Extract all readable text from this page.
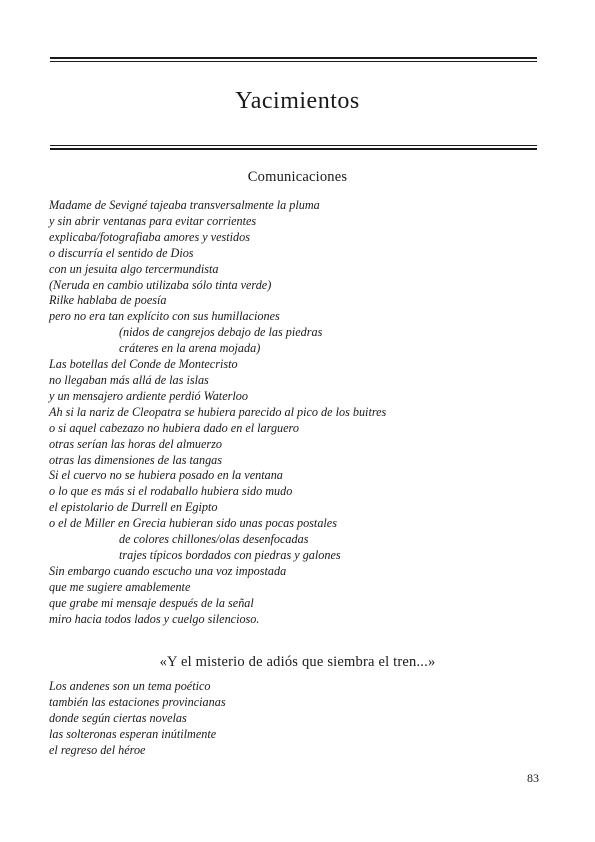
Yacimientos
Comunicaciones
Madame de Sevigné tajeaba transversalmente la pluma
y sin abrir ventanas para evitar corrientes
explicaba/fotografiaba amores y vestidos
o discurría el sentido de Dios
con un jesuita algo tercermundista
(Neruda en cambio utilizaba sólo tinta verde)
Rilke hablaba de poesía
pero no era tan explícito con sus humillaciones
(nidos de cangrejos debajo de las piedras
cráteres en la arena mojada)
Las botellas del Conde de Montecristo
no llegaban más allá de las islas
y un mensajero ardiente perdió Waterloo
Ah si la nariz de Cleopatra se hubiera parecido al pico de los buitres
o si aquel cabezazo no hubiera dado en el larguero
otras serían las horas del almuerzo
otras las dimensiones de las tangas
Si el cuervo no se hubiera posado en la ventana
o lo que es más si el rodaballo hubiera sido mudo
el epistolario de Durrell en Egipto
o el de Miller en Grecia hubieran sido unas pocas postales
de colores chillones/olas desenfocadas
trajes típicos bordados con piedras y galones
Sin embargo cuando escucho una voz impostada
que me sugiere amablemente
que grabe mi mensaje después de la señal
miro hacia todos lados y cuelgo silencioso.
«Y el misterio de adiós que siembra el tren...»
Los andenes son un tema poético
también las estaciones provincianas
donde según ciertas novelas
las solteronas esperan inútilmente
el regreso del héroe
83
